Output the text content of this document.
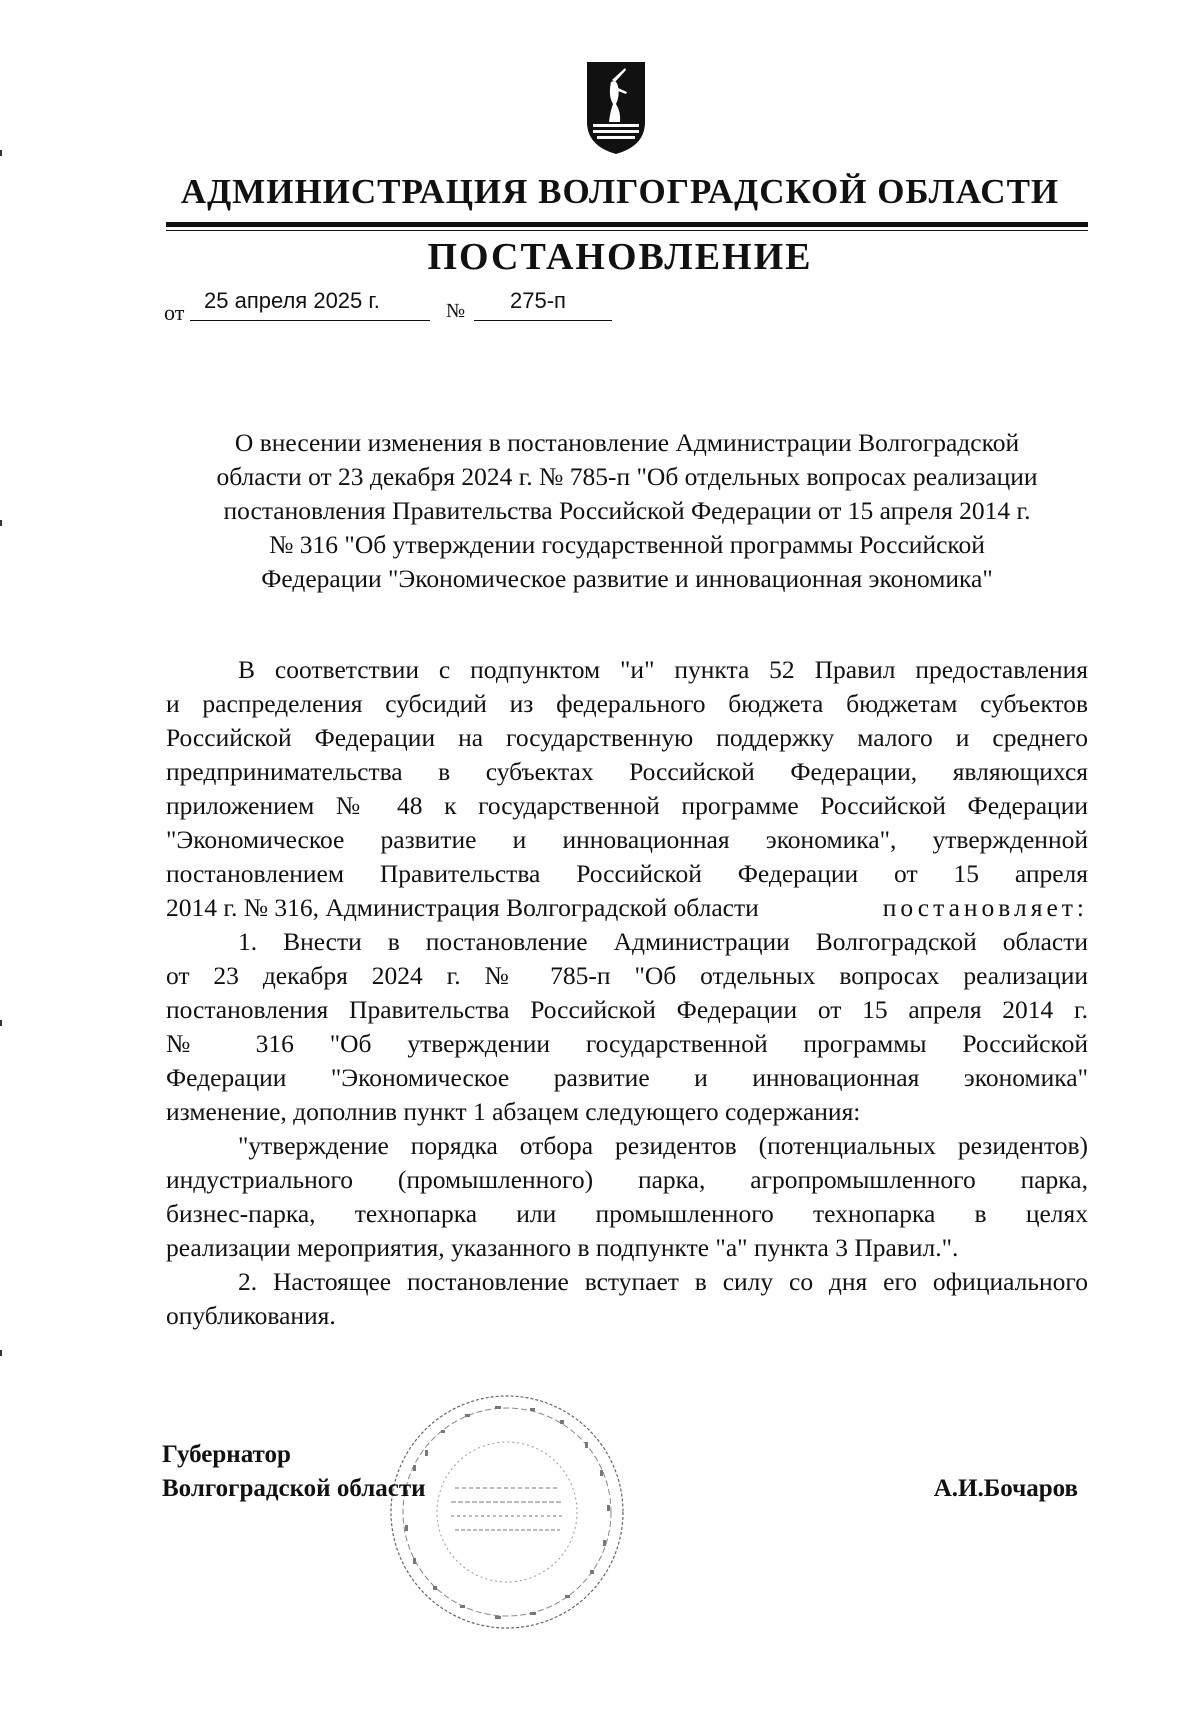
АДМИНИСТРАЦИЯ ВОЛГОГРАДСКОЙ ОБЛАСТИ
ПОСТАНОВЛЕНИЕ
от 25 апреля 2025 г.	№	275-п
О внесении изменения в постановление Администрации Волгоградской
области от 23 декабря 2024 г. № 785-п "Об отдельных вопросах реализации
постановления Правительства Российской Федерации от 15 апреля 2014 г.
№ 316 "Об утверждении государственной программы Российской
Федерации "Экономическое развитие и инновационная экономика"
В соответствии с подпунктом "и" пункта 52 Правил предоставления
и распределения субсидий из федерального бюджета бюджетам субъектов
Российской Федерации на государственную поддержку малого и среднего
предпринимательства в субъектах Российской Федерации, являющихся
приложением № 48 к государственной программе Российской Федерации
"Экономическое развитие и инновационная экономика", утвержденной
постановлением Правительства Российской Федерации от 15 апреля
2014 г. № 316, Администрация Волгоградской области	постановляет:
1. Внести в постановление Администрации Волгоградской области
от 23 декабря 2024 г. № 785-п "Об отдельных вопросах реализации
постановления Правительства Российской Федерации от 15 апреля 2014 г.
№ 316 "Об утверждении государственной программы Российской
Федерации "Экономическое развитие и инновационная экономика"
изменение, дополнив пункт 1 абзацем следующего содержания:
"утверждение порядка отбора резидентов (потенциальных резидентов)
индустриального (промышленного) парка, агропромышленного парка,
бизнес-парка, технопарка или промышленного технопарка в целях
реализации мероприятия, указанного в подпункте "а" пункта 3 Правил.".
2. Настоящее постановление вступает в силу со дня его официального
опубликования.
Губернатор
Волгоградской области	А.И.Бочаров
